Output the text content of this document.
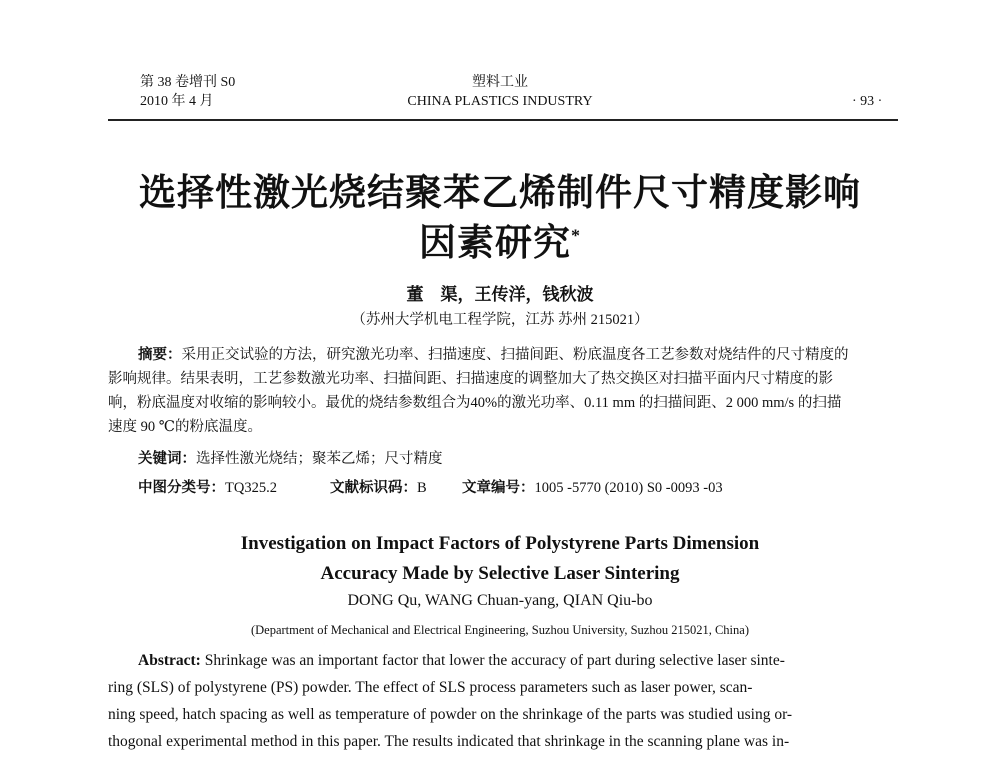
第 38 卷增刊 S0
2010 年 4 月
塑料工业
CHINA PLASTICS INDUSTRY	· 93 ·
选择性激光烧结聚苯乙烯制件尺寸精度影响
因素研究*
董　渠，王传洋，钱秋波
（苏州大学机电工程学院，江苏 苏州 215021）
摘要：采用正交试验的方法，研究激光功率、扫描速度、扫描间距、粉底温度各工艺参数对烧结件的尺寸精度的

影响规律。结果表明，工艺参数激光功率、扫描间距、扫描速度的调整加大了热交换区对扫描平面内尺寸精度的影
响，粉底温度对收缩的影响较小。最优的烧结参数组合为40%的激光功率、0.11 mm 的扫描间距、2 000 mm/s 的扫描
速度 90 ℃的粉底温度。
关键词：选择性激光烧结；聚苯乙烯；尺寸精度
中图分类号：TQ325.2	文献标识码：B 文章编号：1005 -5770 (2010) S0 -0093 -03
Investigation on Impact Factors of Polystyrene Parts Dimension
Accuracy Made by Selective Laser Sintering
DONG Qu, WANG Chuan-yang, QIAN Qiu-bo
(Department of Mechanical and Electrical Engineering, Suzhou University, Suzhou 215021, China)
Abstract: Shrinkage was an important factor that lower the accuracy of part during selective laser sinte-
ring (SLS) of polystyrene (PS) powder. The effect of SLS process parameters such as laser power, scan-
ning speed, hatch spacing as well as temperature of powder on the shrinkage of the parts was studied using or-
thogonal experimental method in this paper. The results indicated that shrinkage in the scanning plane was in-
